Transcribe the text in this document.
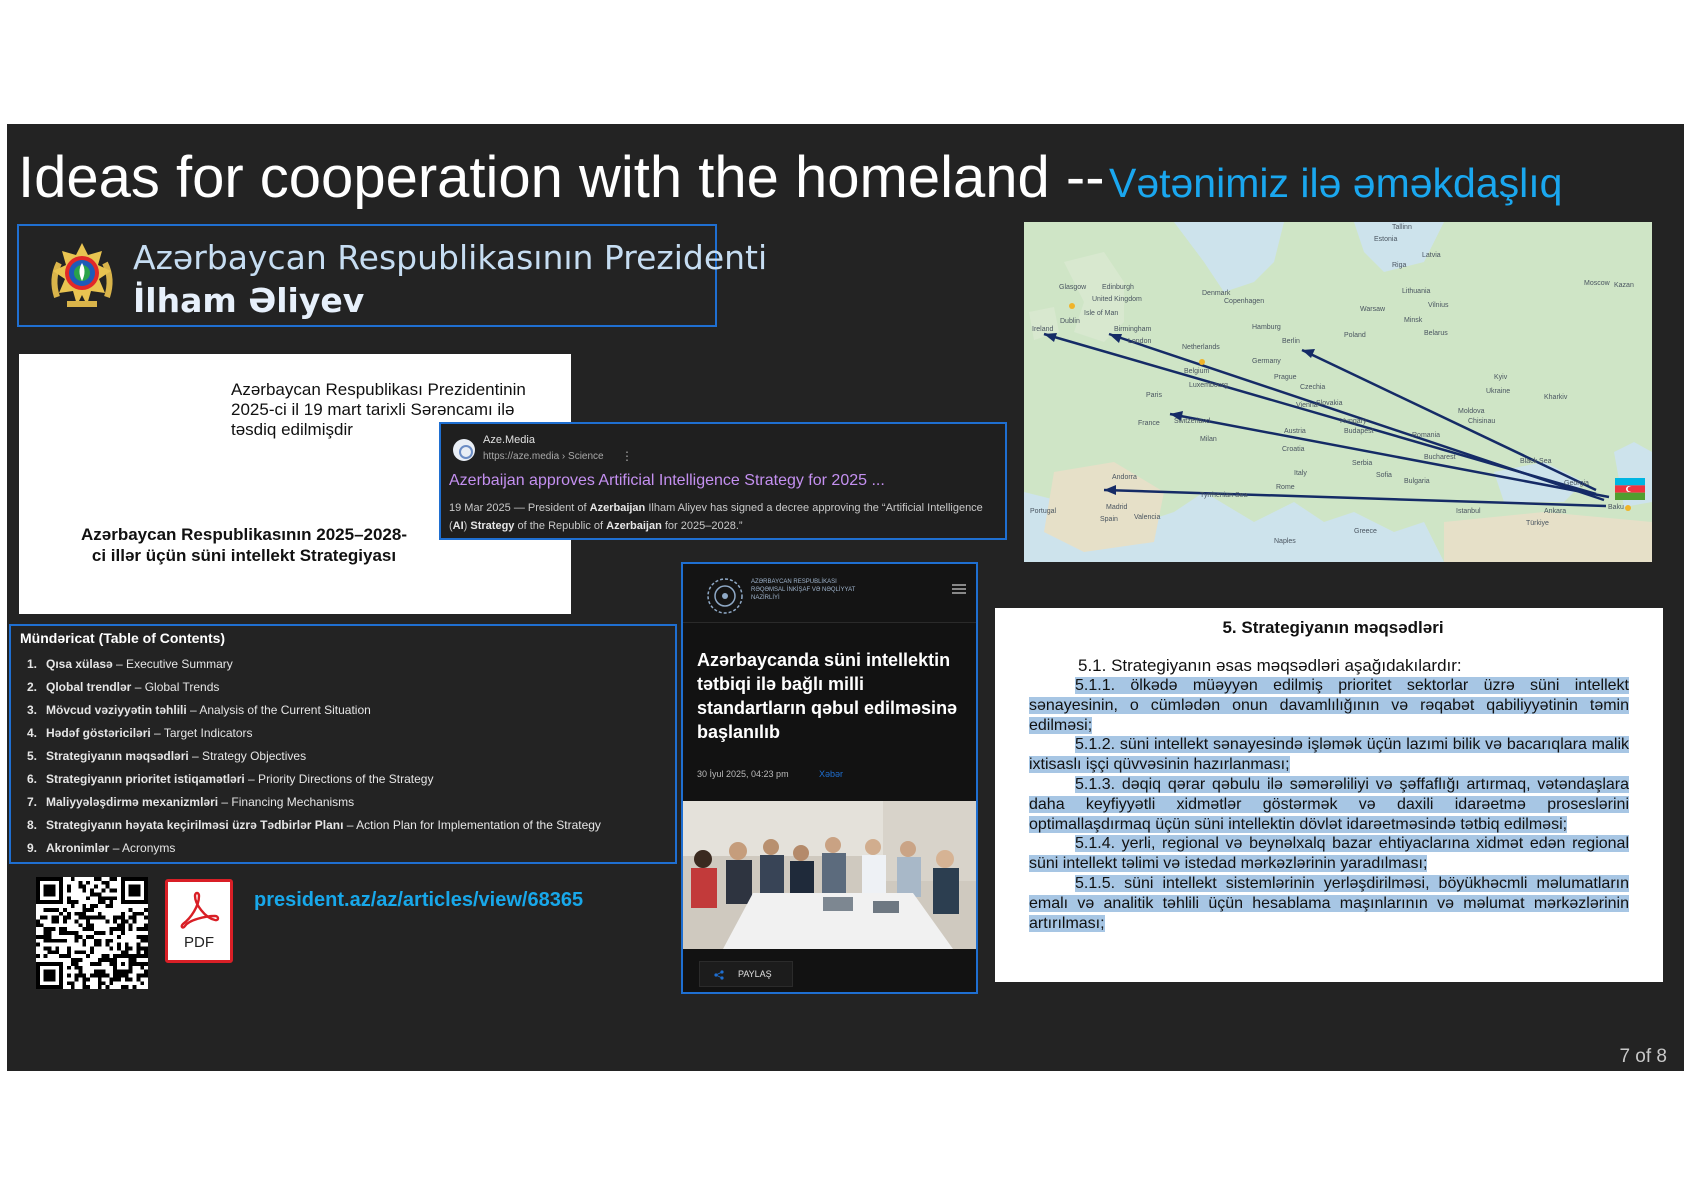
Ideas for cooperation with the homeland -- Vətənimiz ilə əməkdaşlıq
Azərbaycan Respublikasının Prezidenti
İlham Əliyev
Azərbaycan Respublikası Prezidentinin 2025-ci il 19 mart tarixli Sərəncamı ilə təsdiq edilmişdir
Azərbaycan Respublikasının 2025–2028-ci illər üçün süni intellekt Strategiyası
Aze.Media
https://aze.media › Science ⋮
Azerbaijan approves Artificial Intelligence Strategy for 2025 ...
19 Mar 2025 — President of Azerbaijan Ilham Aliyev has signed a decree approving the “Artificial Intelligence (AI) Strategy of the Republic of Azerbaijan for 2025–2028.”
Mündəricat (Table of Contents)
1. Qısa xülasə – Executive Summary
2. Qlobal trendlər – Global Trends
3. Mövcud vəziyyətin təhlili – Analysis of the Current Situation
4. Hədəf göstəriciləri – Target Indicators
5. Strategiyanın məqsədləri – Strategy Objectives
6. Strategiyanın prioritet istiqamətləri – Priority Directions of the Strategy
7. Maliyyələşdirmə mexanizmləri – Financing Mechanisms
8. Strategiyanın həyata keçirilməsi üzrə Tədbirlər Planı – Action Plan for Implementation of the Strategy
9. Akronimlər – Acronyms
PDF
president.az/az/articles/view/68365
AZƏRBAYCAN RESPUBLİKASI RƏQƏMSAL İNKİŞAF VƏ NƏQLİYYAT NAZİRLİYİ
Azərbaycanda süni intellektin tətbiqi ilə bağlı milli standartların qəbul edilməsinə başlanılıb
30 İyul 2025, 04:23 pm	Xəbər
PAYLAŞ
Tallinn
Estonia
Latvia
Riga
Lithuania
Vilnius
Belarus
Minsk
Moscow Kazan
Glasgow Edinburgh
United Kingdom
Isle of Man
Ireland
Dublin
Birmingham
London
Denmark
Copenhagen
Hamburg
Berlin
Poland
Warsaw
Netherlands
Belgium
Luxembourg
Germany
Paris
Prague
Czechia
Ukraine
Kyiv
Kharkiv
Slovakia
Vienna
Austria
Hungary
Budapest
Moldova
Chisinau
France Switzerland
Milan
Croatia
Romania
Bucharest
Serbia
Bulgaria
Sofia
Italy
Rome
Andorra
Madrid
Spain
Portugal
Valencia
Istanbul
Greece
Türkiye
Ankara
Georgia
Baku
Tyrrhenian Sea
Black Sea
Naples
5. Strategiyanın məqsədləri
5.1. Strategiyanın əsas məqsədləri aşağıdakılardır:

5.1.1. ölkədə müəyyən edilmiş prioritet sektorlar üzrə süni intellekt sənayesinin, o cümlədən onun davamlılığının və rəqabət qabiliyyətinin təmin edilməsi;

5.1.2. süni intellekt sənayesində işləmək üçün lazımi bilik və bacarıqlara malik ixtisaslı işçi qüvvəsinin hazırlanması;

5.1.3. dəqiq qərar qəbulu ilə səmərəliliyi və şəffaflığı artırmaq, vətəndaşlara daha keyfiyyətli xidmətlər göstərmək və daxili idarəetmə proseslərini optimallaşdırmaq üçün süni intellektin dövlət idarəetməsində tətbiq edilməsi;

5.1.4. yerli, regional və beynəlxalq bazar ehtiyaclarına xidmət edən regional süni intellekt təlimi və istedad mərkəzlərinin yaradılması;

5.1.5. süni intellekt sistemlərinin yerləşdirilməsi, böyükhəcmli məlumatların emalı və analitik təhlili üçün hesablama maşınlarının və məlumat mərkəzlərinin artırılması;

7 of 8
